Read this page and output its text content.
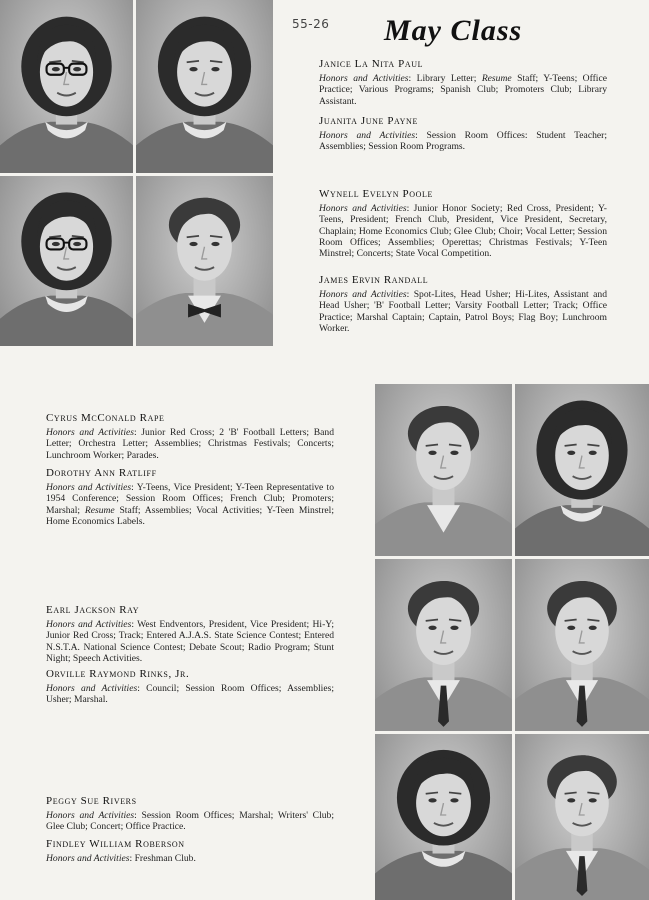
55-26 May Class
Janice La Nita Paul
Honors and Activities: Library Letter; Resume Staff; Y-Teens; Office Practice; Various Programs; Spanish Club; Promoters Club; Library Assistant.
Juanita June Payne
Honors and Activities: Session Room Offices: Student Teacher; Assemblies; Session Room Programs.
Wynell Evelyn Poole
Honors and Activities: Junior Honor Society; Red Cross, President; Y-Teens, President; French Club, President, Vice President, Secretary, Chaplain; Home Economics Club; Glee Club; Choir; Vocal Letter; Session Room Offices; Assemblies; Operettas; Christmas Festivals; Y-Teen Minstrel; Concerts; State Vocal Competition.
James Ervin Randall
Honors and Activities: Spot-Lites, Head Usher; Hi-Lites, Assistant and Head Usher; 'B' Football Letter; Varsity Football Letter; Track; Office Practice; Marshal Captain; Captain, Patrol Boys; Flag Boy; Lunchroom Worker.
Cyrus McConald Rape
Honors and Activities: Junior Red Cross; 2 'B' Football Letters; Band Letter; Orchestra Letter; Assemblies; Christmas Festivals; Concerts; Lunchroom Worker; Parades.
Dorothy Ann Ratliff
Honors and Activities: Y-Teens, Vice President; Y-Teen Representative to 1954 Conference; Session Room Offices; French Club; Promoters; Marshal; Resume Staff; Assemblies; Vocal Activities; Y-Teen Minstrel; Home Economics Labels.
Earl Jackson Ray
Honors and Activities: West Endventors, President, Vice President; Hi-Y; Junior Red Cross; Track; Entered A.J.A.S. State Science Contest; Entered N.S.T.A. National Science Contest; Debate Scout; Radio Program; Stunt Night; Speech Activities.
Orville Raymond Rinks, Jr.
Honors and Activities: Council; Session Room Offices; Assemblies; Usher; Marshal.
Peggy Sue Rivers
Honors and Activities: Session Room Offices; Marshal; Writers' Club; Glee Club; Concert; Office Practice.
Findley William Roberson
Honors and Activities: Freshman Club.
